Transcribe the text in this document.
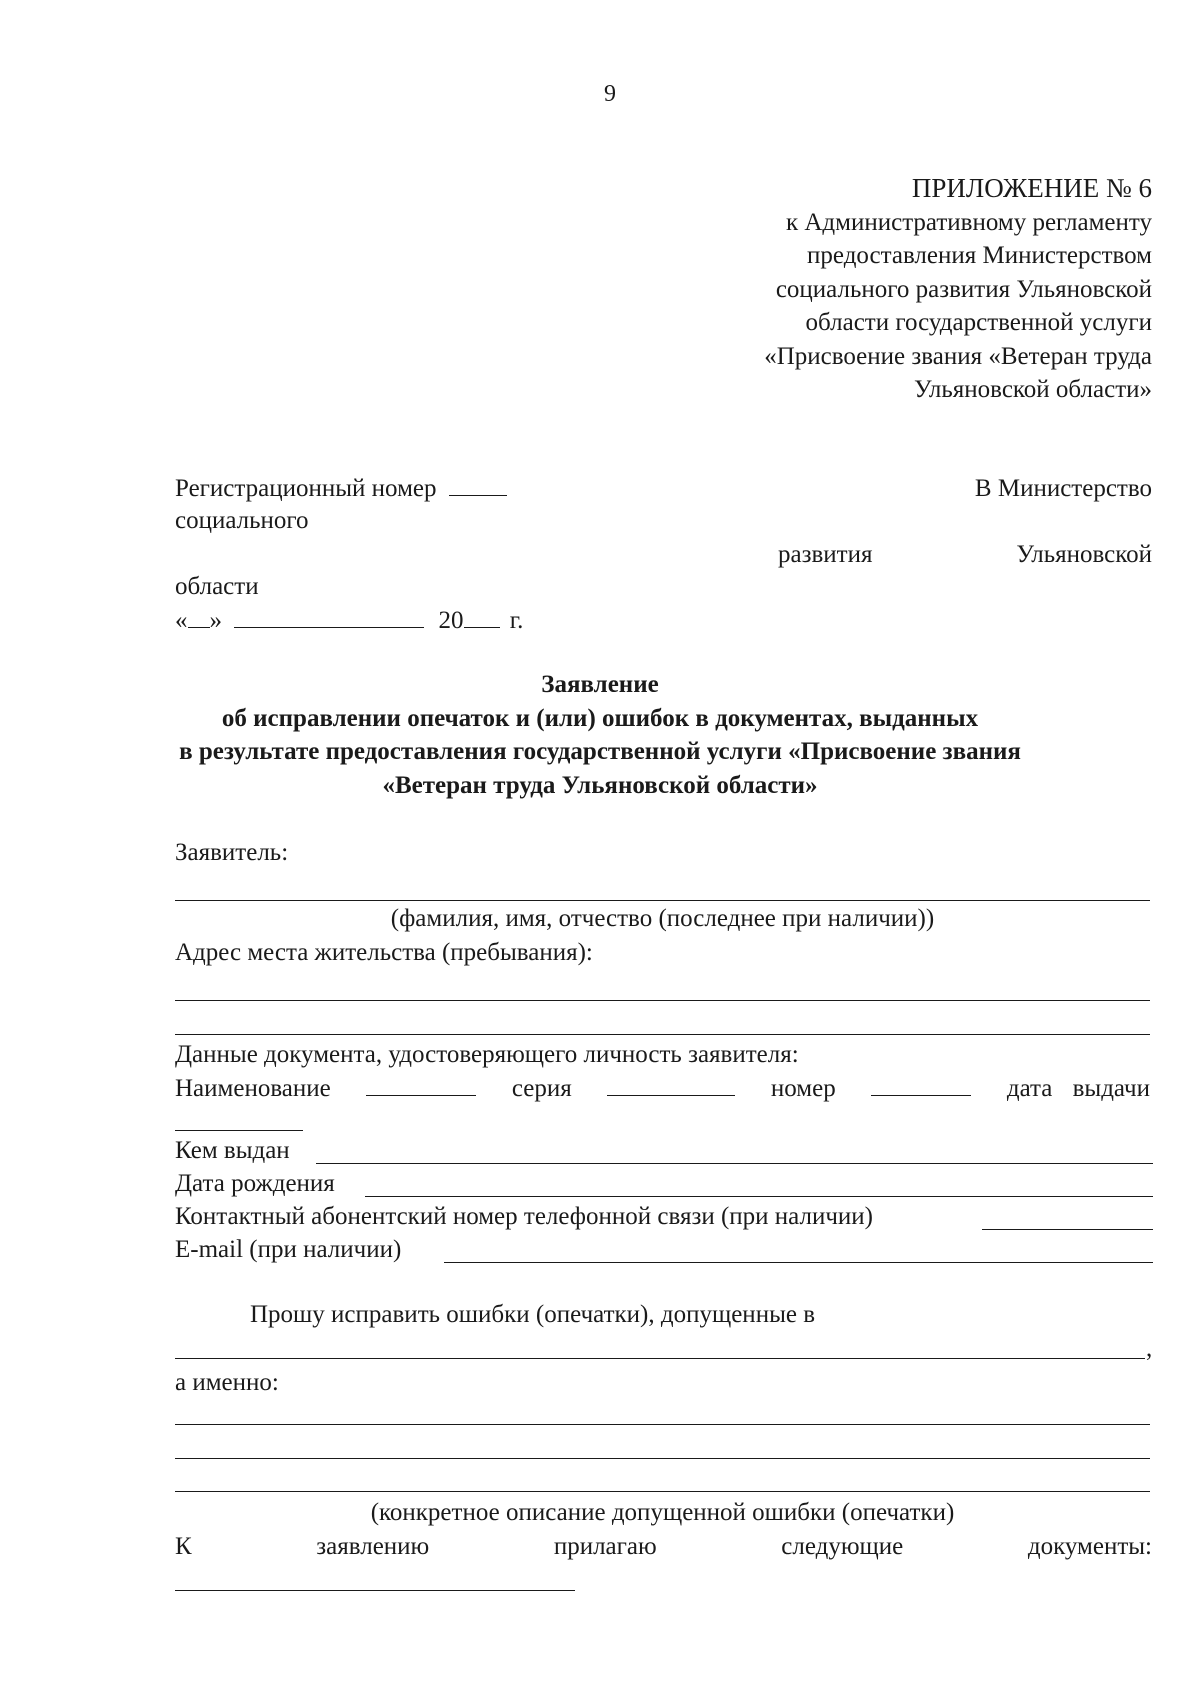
9
ПРИЛОЖЕНИЕ № 6
к Административному регламенту
предоставления Министерством
социального развития Ульяновской
области государственной услуги
«Присвоение звания «Ветеран труда
Ульяновской области»
Регистрационный номер
социального
области
« »	20 г.
В Министерство
развития	Ульяновской
Заявление
об исправлении опечаток и (или) ошибок в документах, выданных
в результате предоставления государственной услуги «Присвоение звания
«Ветеран труда Ульяновской области»
Заявитель:
(фамилия, имя, отчество (последнее при наличии))
Адрес места жительства (пребывания):
Данные документа, удостоверяющего личность заявителя:
Наименование	серия	номер	дата выдачи
Кем выдан
Дата рождения
Контактный абонентский номер телефонной связи (при наличии)
E-mail (при наличии)
Прошу исправить ошибки (опечатки), допущенные в
,
а именно:
(конкретное описание допущенной ошибки (опечатки)
К	заявлению	прилагаю	следующие	документы:
